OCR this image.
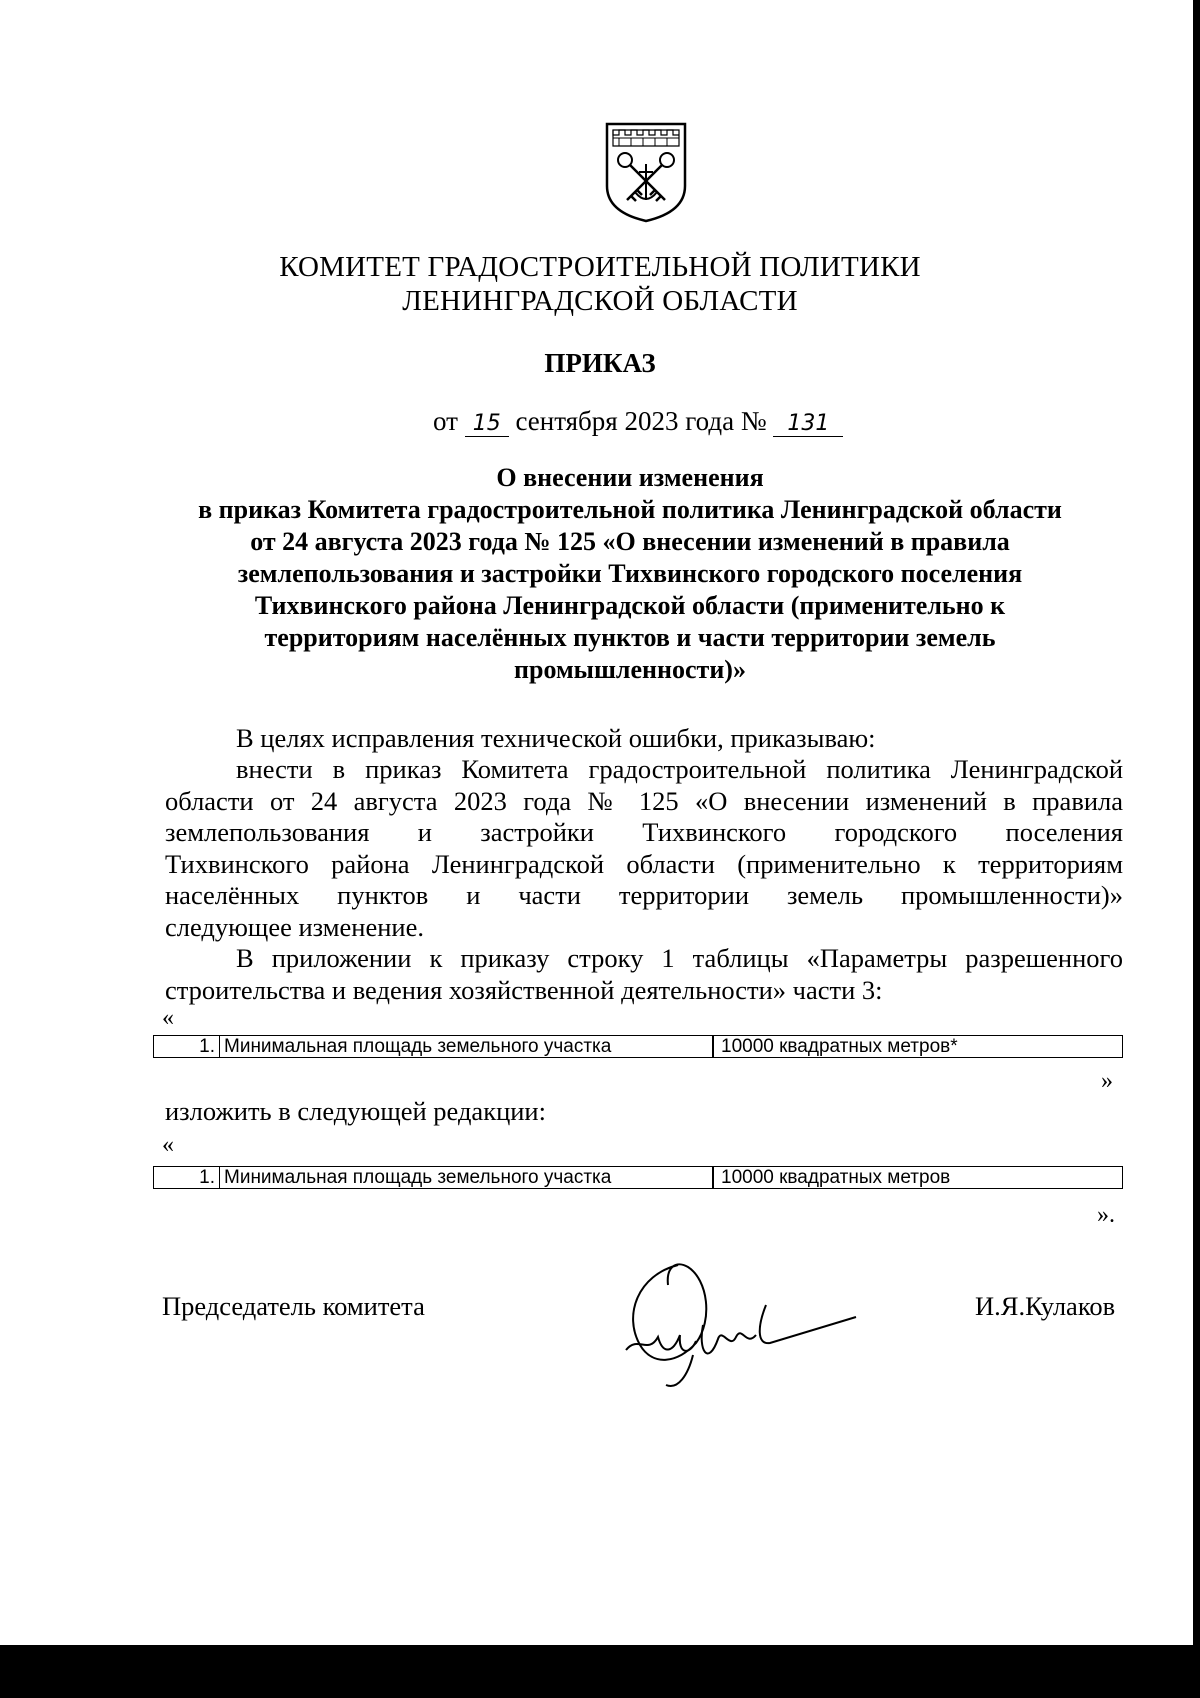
КОМИТЕТ ГРАДОСТРОИТЕЛЬНОЙ ПОЛИТИКИ
ЛЕНИНГРАДСКОЙ ОБЛАСТИ
ПРИКАЗ
от 15 сентября 2023 года № 131
О внесении изменения
в приказ Комитета градостроительной политика Ленинградской области
от 24 августа 2023 года № 125 «О внесении изменений в правила
землепользования и застройки Тихвинского городского поселения
Тихвинского района Ленинградской области (применительно к
территориям населённых пунктов и части территории земель
промышленности)»
В целях исправления технической ошибки, приказываю:
внести в приказ Комитета градостроительной политика Ленинградской
области от 24 августа 2023 года № 125 «О внесении изменений в правила
землепользования и застройки Тихвинского городского поселения
Тихвинского района Ленинградской области (применительно к территориям
населённых пунктов и части территории земель промышленности)»
следующее изменение.
В приложении к приказу строку 1 таблицы «Параметры разрешенного
строительства и ведения хозяйственной деятельности» части 3:
«
1. Минимальная площадь земельного участка	10000 квадратных метров*
»
изложить в следующей редакции:
«
1. Минимальная площадь земельного участка	10000 квадратных метров
».
Председатель комитета	И.Я.Кулаков
